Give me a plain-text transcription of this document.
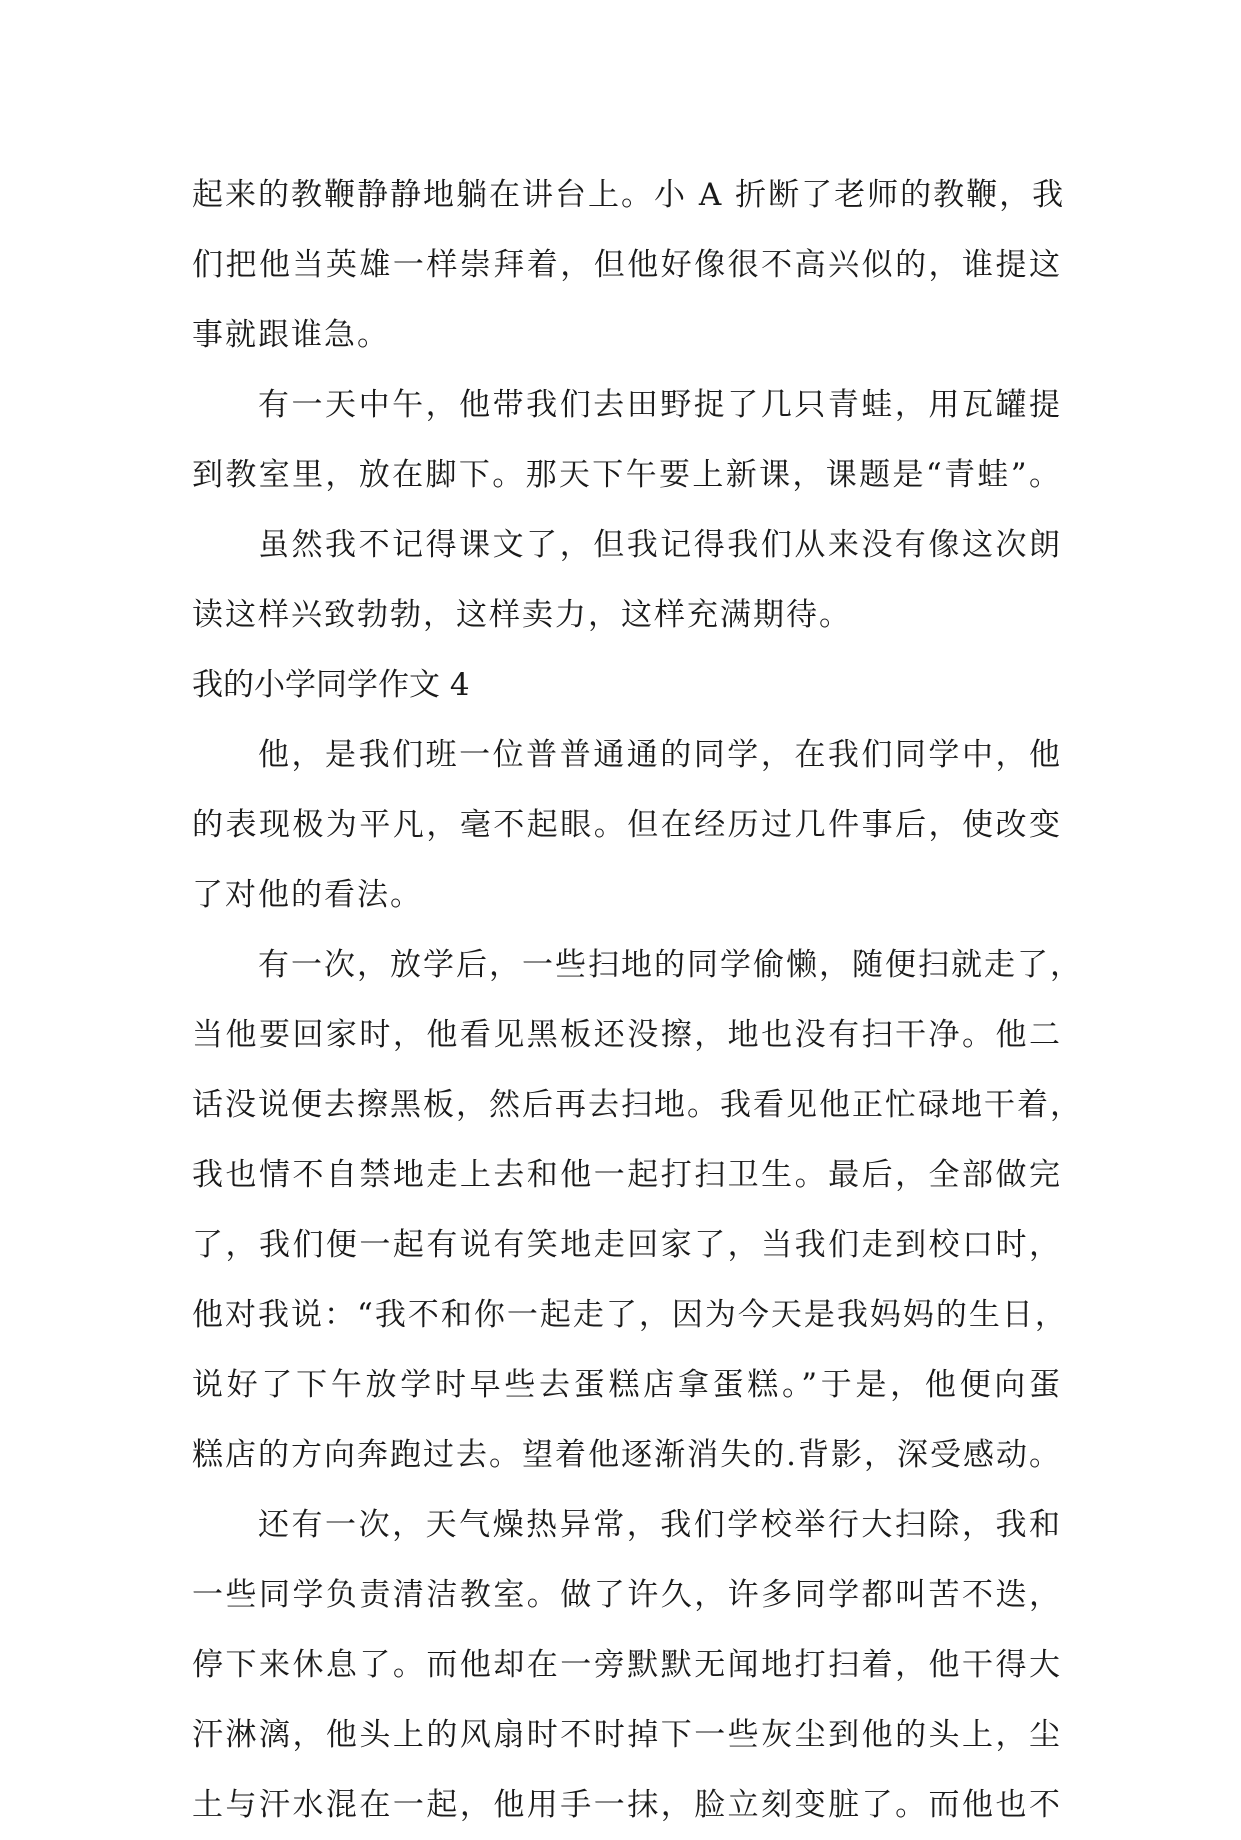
起来的教鞭静静地躺在讲台上。小 A 折断了老师的教鞭，我
们把他当英雄一样崇拜着，但他好像很不高兴似的，谁提这
事就跟谁急。
有一天中午，他带我们去田野捉了几只青蛙，用瓦罐提
到教室里，放在脚下。那天下午要上新课，课题是“青蛙”。
虽然我不记得课文了，但我记得我们从来没有像这次朗
读这样兴致勃勃，这样卖力，这样充满期待。
我的小学同学作文 4
他，是我们班一位普普通通的同学，在我们同学中，他
的表现极为平凡，毫不起眼。但在经历过几件事后，使改变
了对他的看法。
有一次，放学后，一些扫地的同学偷懒，随便扫就走了，
当他要回家时，他看见黑板还没擦，地也没有扫干净。他二
话没说便去擦黑板，然后再去扫地。我看见他正忙碌地干着，
我也情不自禁地走上去和他一起打扫卫生。最后，全部做完
了，我们便一起有说有笑地走回家了，当我们走到校口时，
他对我说：“我不和你一起走了，因为今天是我妈妈的生日，
说好了下午放学时早些去蛋糕店拿蛋糕。”于是，他便向蛋
糕店的方向奔跑过去。望着他逐渐消失的.背影，深受感动。
还有一次，天气燥热异常，我们学校举行大扫除，我和
一些同学负责清洁教室。做了许久，许多同学都叫苦不迭，
停下来休息了。而他却在一旁默默无闻地打扫着，他干得大
汗淋漓，他头上的风扇时不时掉下一些灰尘到他的头上，尘
土与汗水混在一起，他用手一抹，脸立刻变脏了。而他也不
